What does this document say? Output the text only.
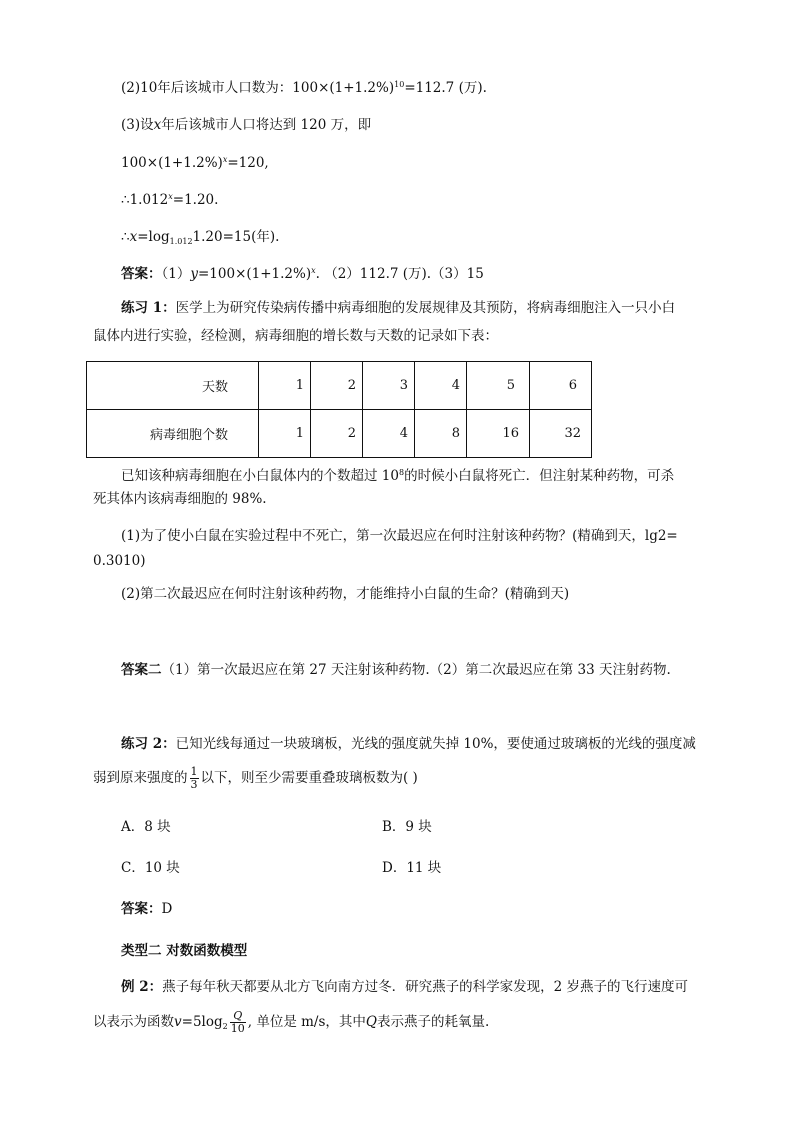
(2)10年后该城市人口数为：$100\times(1+1.2\%)^{10}=112.7$ (万).
(3)设x年后该城市人口将达到 120 万，即
$100\times(1+1.2\%)^x=120$,
$\therefore 1.012^x=1.20$.
$\therefore x=\log_{1.012}1.20=15$(年).
答案：$(1)y=100\times(1+1.2\%)^x$. （2）112.7 (万).（3）15
练习 1：医学上为研究传染病传播中病毒细胞的发展规律及其预防，将病毒细胞注入一只小白
鼠体内进行实验，经检测，病毒细胞的增长数与天数的记录如下表：
天数	1	2	3	4	5	6
病毒细胞个数	1	2	4	8	16	32
已知该种病毒细胞在小白鼠体内的个数超过 $10^8$的时候小白鼠将死亡．但注射某种药物，可杀
死其体内该病毒细胞的 98%.
(1)为了使小白鼠在实验过程中不死亡，第一次最迟应在何时注射该种药物？(精确到天，lg2=
0.3010)
(2)第二次最迟应在何时注射该种药物，才能维持小白鼠的生命？(精确到天)
答案二（1）第一次最迟应在第 27 天注射该种药物.（2）第二次最迟应在第 33 天注射药物.
练习 2：已知光线每通过一块玻璃板，光线的强度就失掉 10%，要使通过玻璃板的光线的强度减
弱到原来强度的 $\frac{1}{3}$ 以下，则至少需要重叠玻璃板数为( )
A．8 块	B．9 块
C．10 块	D．11 块
答案：D
类型二 对数函数模型
例 2：燕子每年秋天都要从北方飞向南方过冬．研究燕子的科学家发现，2 岁燕子的飞行速度可
以表示为函数$v=5\log_2 \frac{Q}{10}$ , 单位是 m/s，其中Q表示燕子的耗氧量.
